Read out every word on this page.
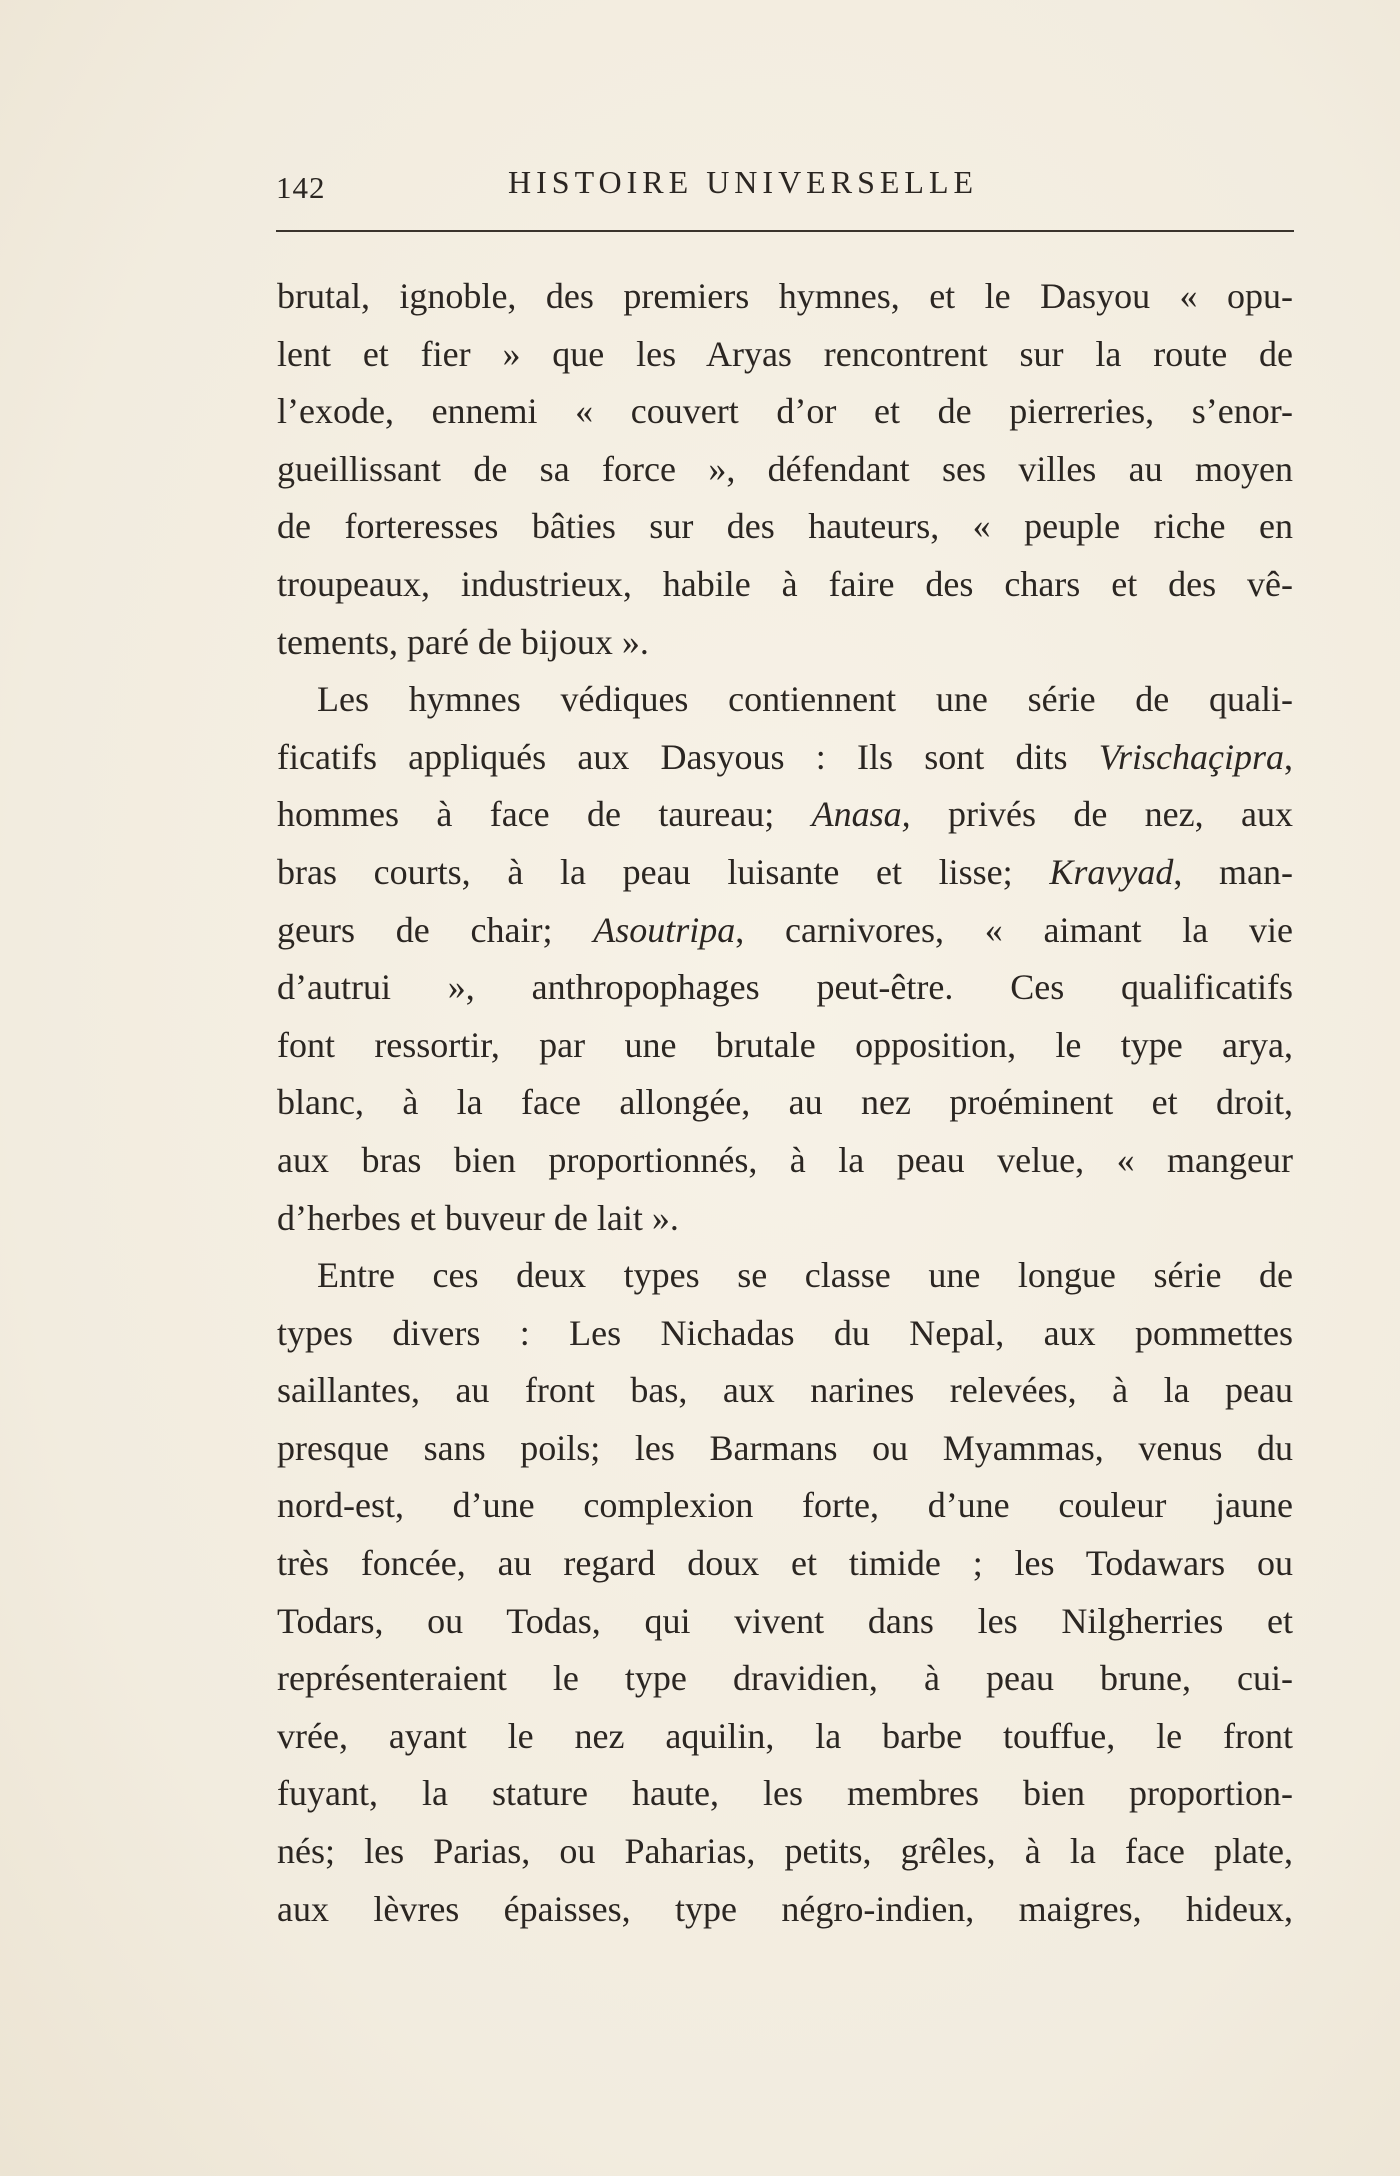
142	HISTOIRE UNIVERSELLE
brutal, ignoble, des premiers hymnes, et le Dasyou « opu-
lent et fier » que les Aryas rencontrent sur la route de
l’exode, ennemi « couvert d’or et de pierreries, s’enor-
gueillissant de sa force », défendant ses villes au moyen
de forteresses bâties sur des hauteurs, « peuple riche en
troupeaux, industrieux, habile à faire des chars et des vê-
tements, paré de bijoux ».
Les hymnes védiques contiennent une série de quali-
ficatifs appliqués aux Dasyous : Ils sont dits Vrischaçipra,
hommes à face de taureau; Anasa, privés de nez, aux
bras courts, à la peau luisante et lisse; Kravyad, man-
geurs de chair; Asoutripa, carnivores, « aimant la vie
d’autrui », anthropophages peut-être. Ces qualificatifs
font ressortir, par une brutale opposition, le type arya,
blanc, à la face allongée, au nez proéminent et droit,
aux bras bien proportionnés, à la peau velue, « mangeur
d’herbes et buveur de lait ».
Entre ces deux types se classe une longue série de
types divers : Les Nichadas du Nepal, aux pommettes
saillantes, au front bas, aux narines relevées, à la peau
presque sans poils; les Barmans ou Myammas, venus du
nord-est, d’une complexion forte, d’une couleur jaune
très foncée, au regard doux et timide ; les Todawars ou
Todars, ou Todas, qui vivent dans les Nilgherries et
représenteraient le type dravidien, à peau brune, cui-
vrée, ayant le nez aquilin, la barbe touffue, le front
fuyant, la stature haute, les membres bien proportion-
nés; les Parias, ou Paharias, petits, grêles, à la face plate,
aux lèvres épaisses, type négro-indien, maigres, hideux,
